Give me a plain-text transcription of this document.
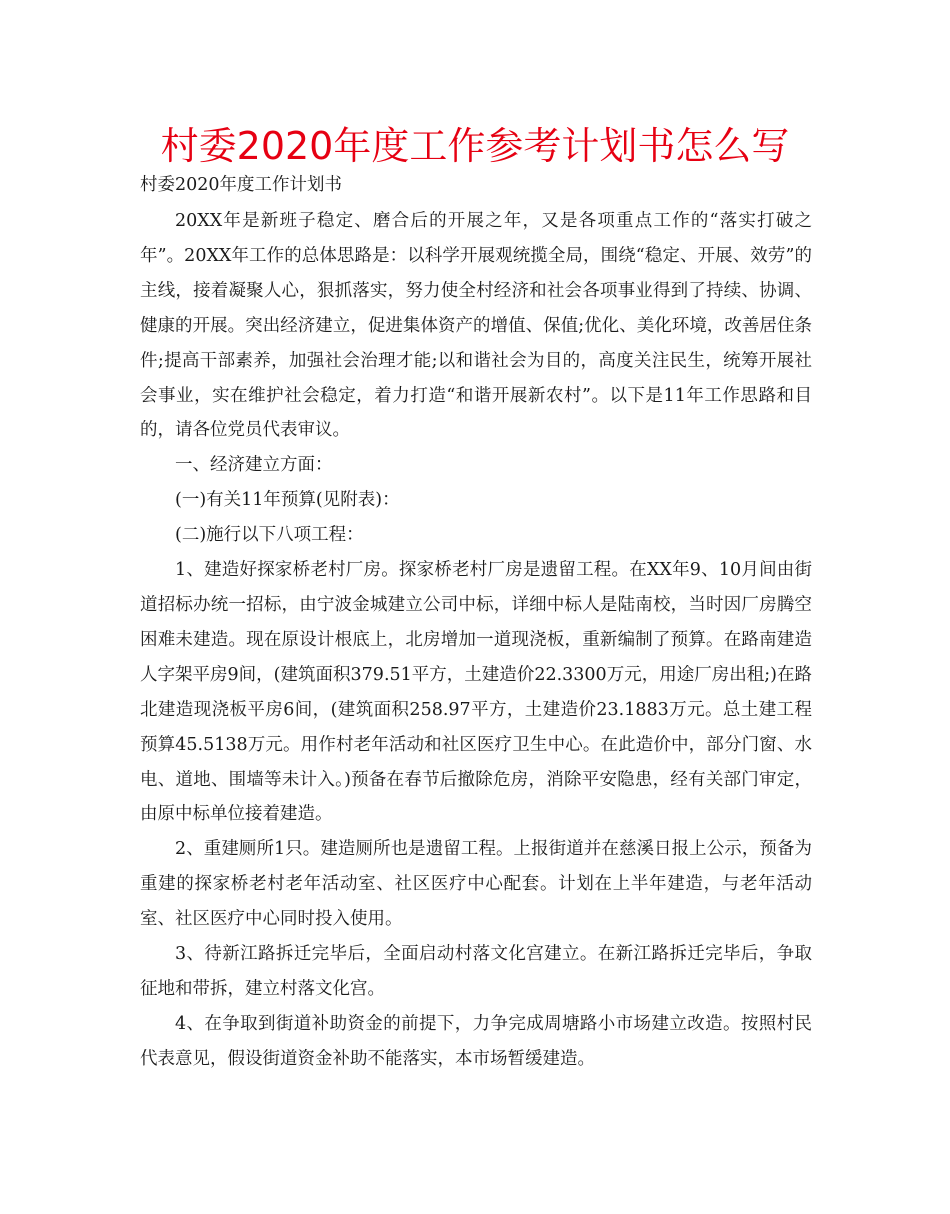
村委2020年度工作参考计划书怎么写

村委2020年度工作计划书

20XX年是新班子稳定、磨合后的开展之年，又是各项重点工作的“落实打破之年”。20XX年工作的总体思路是：以科学开展观统揽全局，围绕“稳定、开展、效劳”的主线，接着凝聚人心，狠抓落实，努力使全村经济和社会各项事业得到了持续、协调、健康的开展。突出经济建立，促进集体资产的增值、保值;优化、美化环境，改善居住条件;提高干部素养，加强社会治理才能;以和谐社会为目的，高度关注民生，统筹开展社会事业，实在维护社会稳定，着力打造“和谐开展新农村”。以下是11年工作思路和目的，请各位党员代表审议。

一、经济建立方面：

(一)有关11年预算(见附表)：

(二)施行以下八项工程：

1、建造好探家桥老村厂房。探家桥老村厂房是遗留工程。在XX年9、10月间由街道招标办统一招标，由宁波金城建立公司中标，详细中标人是陆南校，当时因厂房腾空困难未建造。现在原设计根底上，北房增加一道现浇板，重新编制了预算。在路南建造人字架平房9间，(建筑面积379.51平方，土建造价22.3300万元，用途厂房出租;)在路北建造现浇板平房6间，(建筑面积258.97平方，土建造价23.1883万元。总土建工程预算45.5138万元。用作村老年活动和社区医疗卫生中心。在此造价中，部分门窗、水电、道地、围墙等未计入。)预备在春节后撤除危房，消除平安隐患，经有关部门审定，由原中标单位接着建造。

2、重建厕所1只。建造厕所也是遗留工程。上报街道并在慈溪日报上公示，预备为重建的探家桥老村老年活动室、社区医疗中心配套。计划在上半年建造，与老年活动室、社区医疗中心同时投入使用。

3、待新江路拆迁完毕后，全面启动村落文化宫建立。在新江路拆迁完毕后，争取征地和带拆，建立村落文化宫。

4、在争取到街道补助资金的前提下，力争完成周塘路小市场建立改造。按照村民代表意见，假设街道资金补助不能落实，本市场暂缓建造。
